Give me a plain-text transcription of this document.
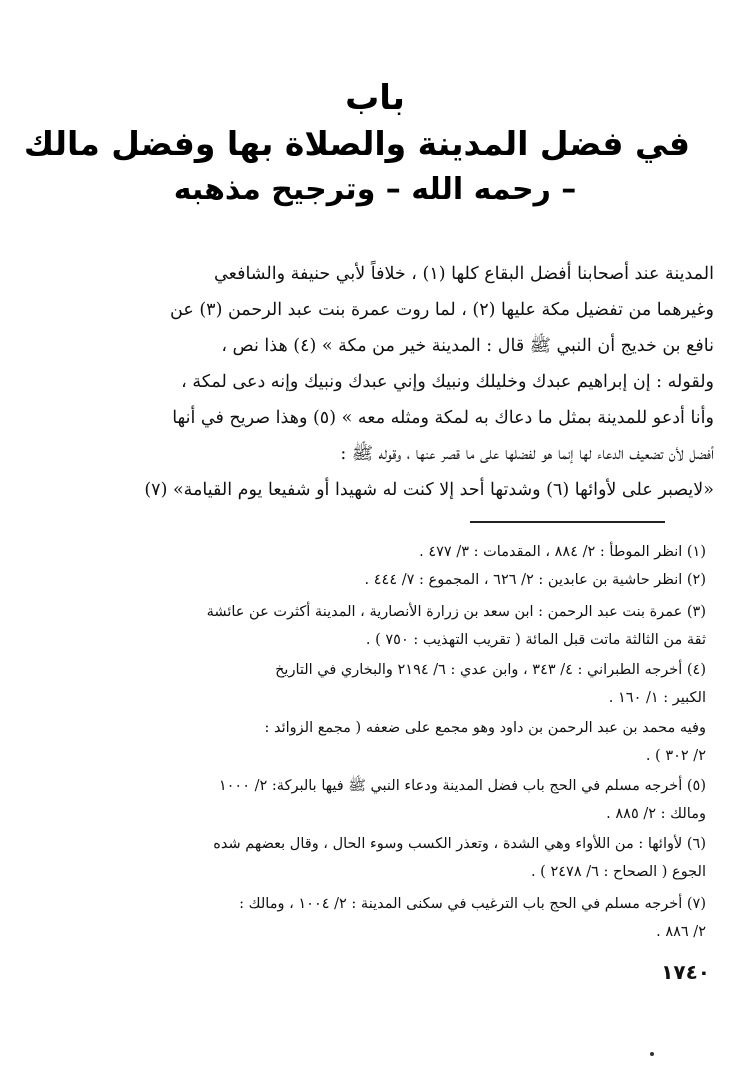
باب
في فضل المدينة والصلاة بها وفضل مالك
– رحمه الله – وترجيح مذهبه
المدينة عند أصحابنا أفضل البقاع كلها (١) ، خلافاً لأبي حنيفة والشافعي
وغيرهما من تفضيل مكة عليها (٢) ، لما روت عمرة بنت عبد الرحمن (٣) عن
نافع بن خديج أن النبي ﷺ قال : المدينة خير من مكة » (٤) هذا نص ،
ولقوله : إن إبراهيم عبدك وخليلك ونبيك وإني عبدك ونبيك وإنه دعى لمكة ،
وأنا أدعو للمدينة بمثل ما دعاك به لمكة ومثله معه » (٥) وهذا صريح في أنها
أفضل لأن تضعيف الدعاء لها إنما هو لفضلها على ما قصر عنها ، وقوله ﷺ :
«لايصبر على لأوائها (٦) وشدتها أحد إلا كنت له شهيدا أو شفيعا يوم القيامة» (٧)
(١) انظر الموطأ : ٢/ ٨٨٤ ، المقدمات : ٣/ ٤٧٧ .
(٢) انظر حاشية بن عابدين : ٢/ ٦٢٦ ، المجموع : ٧/ ٤٤٤ .
(٣) عمرة بنت عبد الرحمن : ابن سعد بن زرارة الأنصارية ، المدينة أكثرت عن عائشة
ثقة من الثالثة ماتت قبل المائة ( تقريب التهذيب : ٧٥٠ ) .
(٤) أخرجه الطبراني : ٤/ ٣٤٣ ، وابن عدي : ٦/ ٢١٩٤ والبخاري في التاريخ
الكبير : ١/ ١٦٠ .
وفيه محمد بن عبد الرحمن بن داود وهو مجمع على ضعفه ( مجمع الزوائد :
٢/ ٣٠٢ ) .
(٥) أخرجه مسلم في الحج باب فضل المدينة ودعاء النبي ﷺ فيها بالبركة: ٢/ ١٠٠٠
ومالك : ٢/ ٨٨٥ .
(٦) لأوائها : من اللأواء وهي الشدة ، وتعذر الكسب وسوء الحال ، وقال بعضهم شده
الجوع ( الصحاح : ٦/ ٢٤٧٨ ) .
(٧) أخرجه مسلم في الحج باب الترغيب في سكنى المدينة : ٢/ ١٠٠٤ ، ومالك :
٢/ ٨٨٦ .
١٧٤٠
